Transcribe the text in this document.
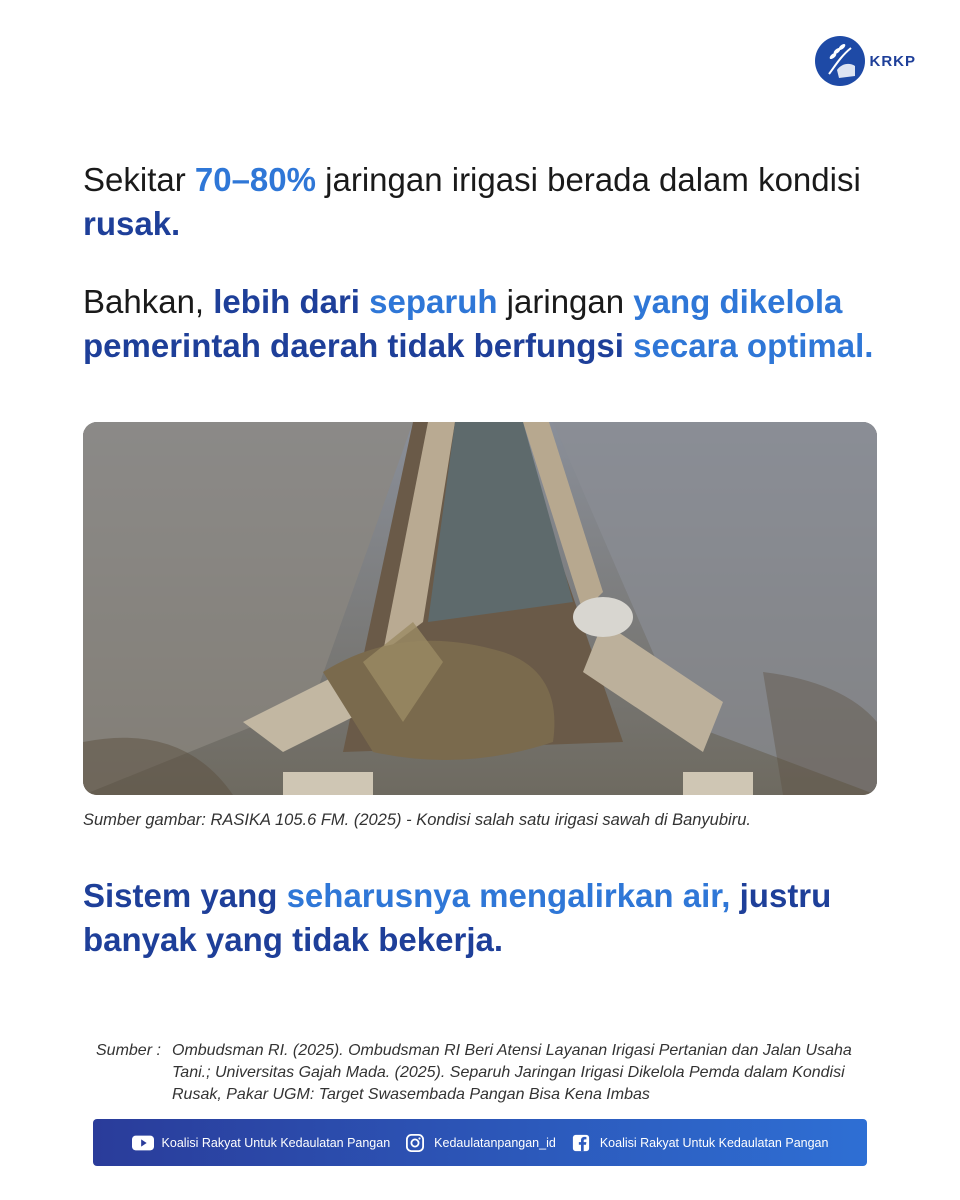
KRKP
Sekitar 70–80% jaringan irigasi berada dalam kondisi rusak.
Bahkan, lebih dari separuh jaringan yang dikelola
pemerintah daerah tidak berfungsi secara optimal.
Sumber gambar: RASIKA 105.6 FM. (2025) - Kondisi salah satu irigasi sawah di Banyubiru.
Sistem yang seharusnya mengalirkan air, justru banyak yang tidak bekerja.
Sumber : Ombudsman RI. (2025). Ombudsman RI Beri Atensi Layanan Irigasi Pertanian dan Jalan Usaha Tani.; Universitas Gajah Mada. (2025). Separuh Jaringan Irigasi Dikelola Pemda dalam Kondisi Rusak, Pakar UGM: Target Swasembada Pangan Bisa Kena Imbas
Koalisi Rakyat Untuk Kedaulatan Pangan	Kedaulatanpangan_id	Koalisi Rakyat Untuk Kedaulatan Pangan
